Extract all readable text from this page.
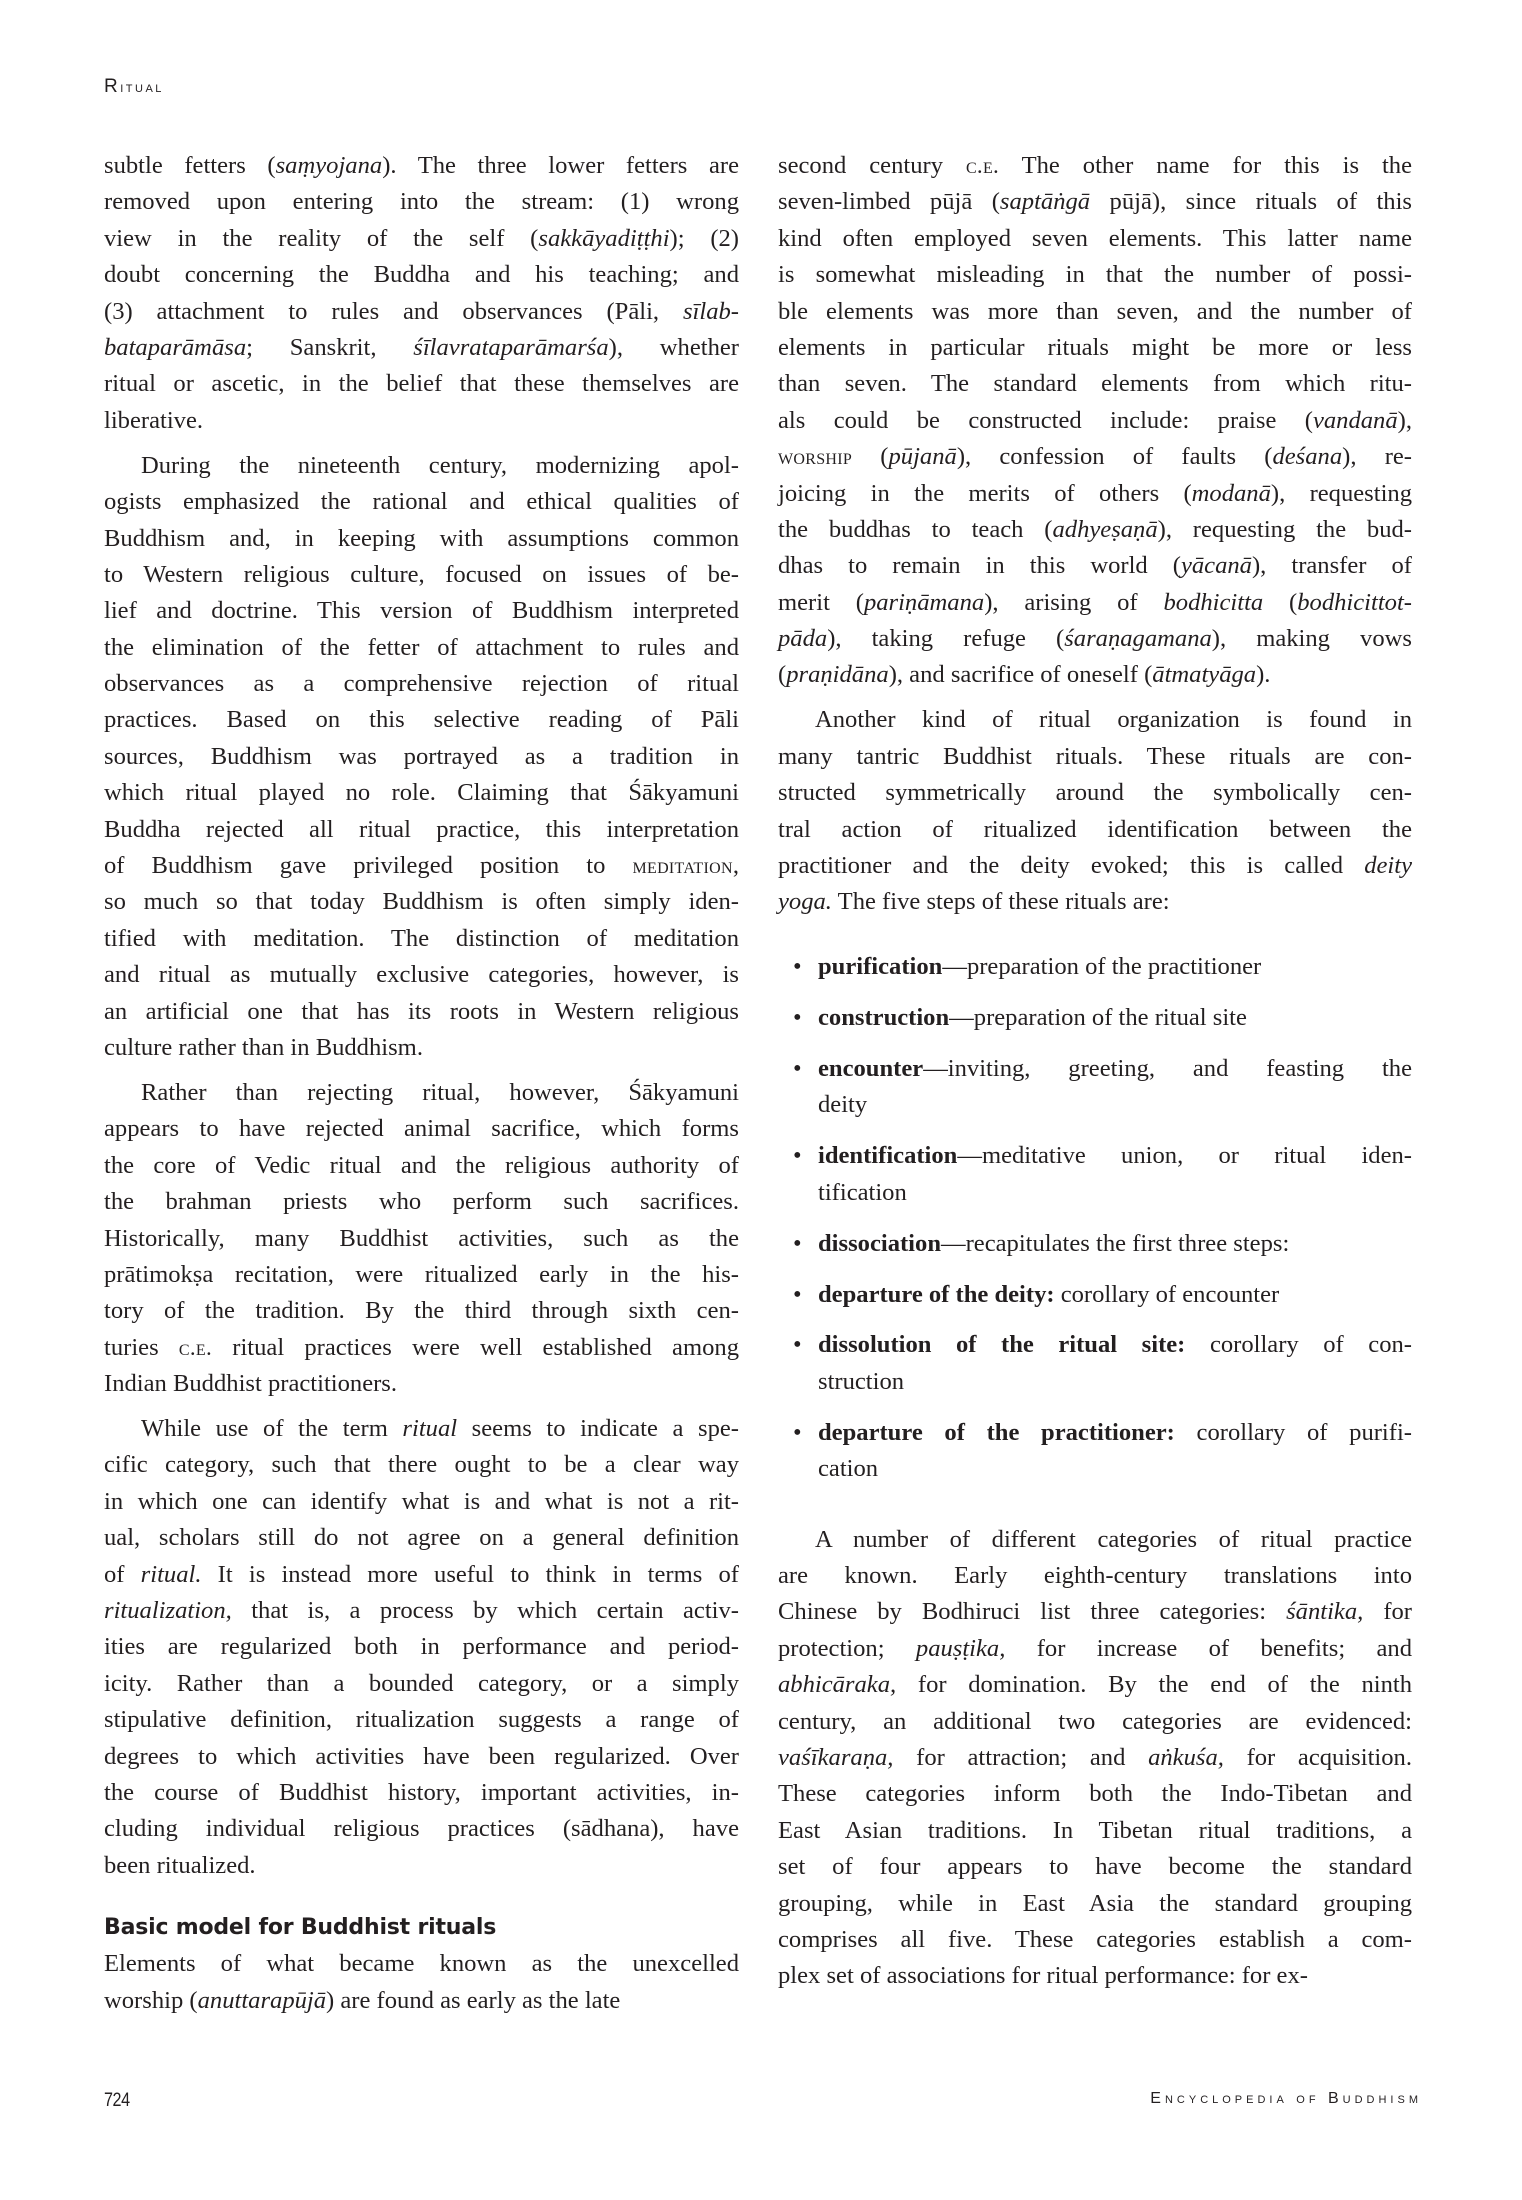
Ritual
subtle fetters (saṃyojana). The three lower fetters are
removed upon entering into the stream: (1) wrong
view in the reality of the self (sakkāyadiṭṭhi); (2)
doubt concerning the Buddha and his teaching; and
(3) attachment to rules and observances (Pāli, sīlab-
bataparāmāsa; Sanskrit, śīlavrataparāmarśa), whether
ritual or ascetic, in the belief that these themselves are
liberative.
During the nineteenth century, modernizing apol-
ogists emphasized the rational and ethical qualities of
Buddhism and, in keeping with assumptions common
to Western religious culture, focused on issues of be-
lief and doctrine. This version of Buddhism interpreted
the elimination of the fetter of attachment to rules and
observances as a comprehensive rejection of ritual
practices. Based on this selective reading of Pāli
sources, Buddhism was portrayed as a tradition in
which ritual played no role. Claiming that Śākyamuni
Buddha rejected all ritual practice, this interpretation
of Buddhism gave privileged position to meditation,
so much so that today Buddhism is often simply iden-
tified with meditation. The distinction of meditation
and ritual as mutually exclusive categories, however, is
an artificial one that has its roots in Western religious
culture rather than in Buddhism.
Rather than rejecting ritual, however, Śākyamuni
appears to have rejected animal sacrifice, which forms
the core of Vedic ritual and the religious authority of
the brahman priests who perform such sacrifices.
Historically, many Buddhist activities, such as the
prātimokṣa recitation, were ritualized early in the his-
tory of the tradition. By the third through sixth cen-
turies c.e. ritual practices were well established among
Indian Buddhist practitioners.
While use of the term ritual seems to indicate a spe-
cific category, such that there ought to be a clear way
in which one can identify what is and what is not a rit-
ual, scholars still do not agree on a general definition
of ritual. It is instead more useful to think in terms of
ritualization, that is, a process by which certain activ-
ities are regularized both in performance and period-
icity. Rather than a bounded category, or a simply
stipulative definition, ritualization suggests a range of
degrees to which activities have been regularized. Over
the course of Buddhist history, important activities, in-
cluding individual religious practices (sādhana), have
been ritualized.
Basic model for Buddhist rituals
Elements of what became known as the unexcelled
worship (anuttarapūjā) are found as early as the late
second century c.e. The other name for this is the
seven-limbed pūjā (saptāṅgā pūjā), since rituals of this
kind often employed seven elements. This latter name
is somewhat misleading in that the number of possi-
ble elements was more than seven, and the number of
elements in particular rituals might be more or less
than seven. The standard elements from which ritu-
als could be constructed include: praise (vandanā),
worship (pūjanā), confession of faults (deśana), re-
joicing in the merits of others (modanā), requesting
the buddhas to teach (adhyeṣaṇā), requesting the bud-
dhas to remain in this world (yācanā), transfer of
merit (pariṇāmana), arising of bodhicitta (bodhicittot-
pāda), taking refuge (śaraṇagamana), making vows
(praṇidāna), and sacrifice of oneself (ātmatyāga).
Another kind of ritual organization is found in
many tantric Buddhist rituals. These rituals are con-
structed symmetrically around the symbolically cen-
tral action of ritualized identification between the
practitioner and the deity evoked; this is called deity
yoga. The five steps of these rituals are:
• purification—preparation of the practitioner
• construction—preparation of the ritual site
• encounter—inviting, greeting, and feasting the
deity
• identification—meditative union, or ritual iden-
tification
• dissociation—recapitulates the first three steps:
• departure of the deity: corollary of encounter
• dissolution of the ritual site: corollary of con-
struction
• departure of the practitioner: corollary of purifi-
cation
A number of different categories of ritual practice
are known. Early eighth-century translations into
Chinese by Bodhiruci list three categories: śāntika, for
protection; pauṣṭika, for increase of benefits; and
abhicāraka, for domination. By the end of the ninth
century, an additional two categories are evidenced:
vaśīkaraṇa, for attraction; and aṅkuśa, for acquisition.
These categories inform both the Indo-Tibetan and
East Asian traditions. In Tibetan ritual traditions, a
set of four appears to have become the standard
grouping, while in East Asia the standard grouping
comprises all five. These categories establish a com-
plex set of associations for ritual performance: for ex-
724	Encyclopedia of Buddhism
